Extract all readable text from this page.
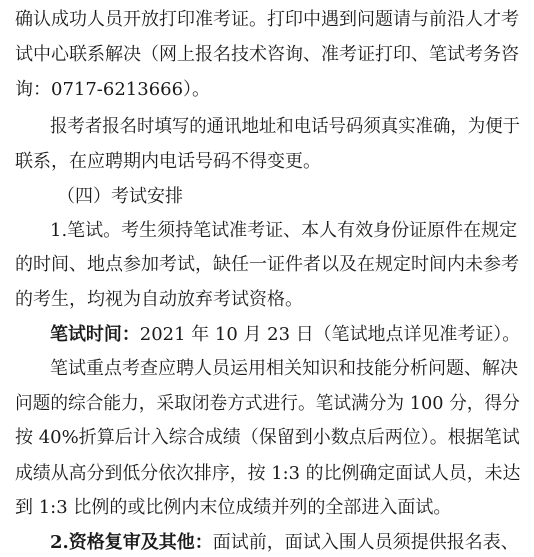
确认成功人员开放打印准考证。打印中遇到问题请与前沿人才考
试中心联系解决（网上报名技术咨询、准考证打印、笔试考务咨
询：0717-6213666）。
报考者报名时填写的通讯地址和电话号码须真实准确，为便于
联系，在应聘期内电话号码不得变更。
（四）考试安排
1.笔试。考生须持笔试准考证、本人有效身份证原件在规定
的时间、地点参加考试，缺任一证件者以及在规定时间内未参考
的考生，均视为自动放弃考试资格。
笔试时间：2021 年 10 月 23 日（笔试地点详见准考证）。
笔试重点考查应聘人员运用相关知识和技能分析问题、解决
问题的综合能力，采取闭卷方式进行。笔试满分为 100 分，得分
按 40%折算后计入综合成绩（保留到小数点后两位）。根据笔试
成绩从高分到低分依次排序，按 1:3 的比例确定面试人员，未达
到 1:3 比例的或比例内末位成绩并列的全部进入面试。
2.资格复审及其他：面试前，面试入围人员须提供报名表、
